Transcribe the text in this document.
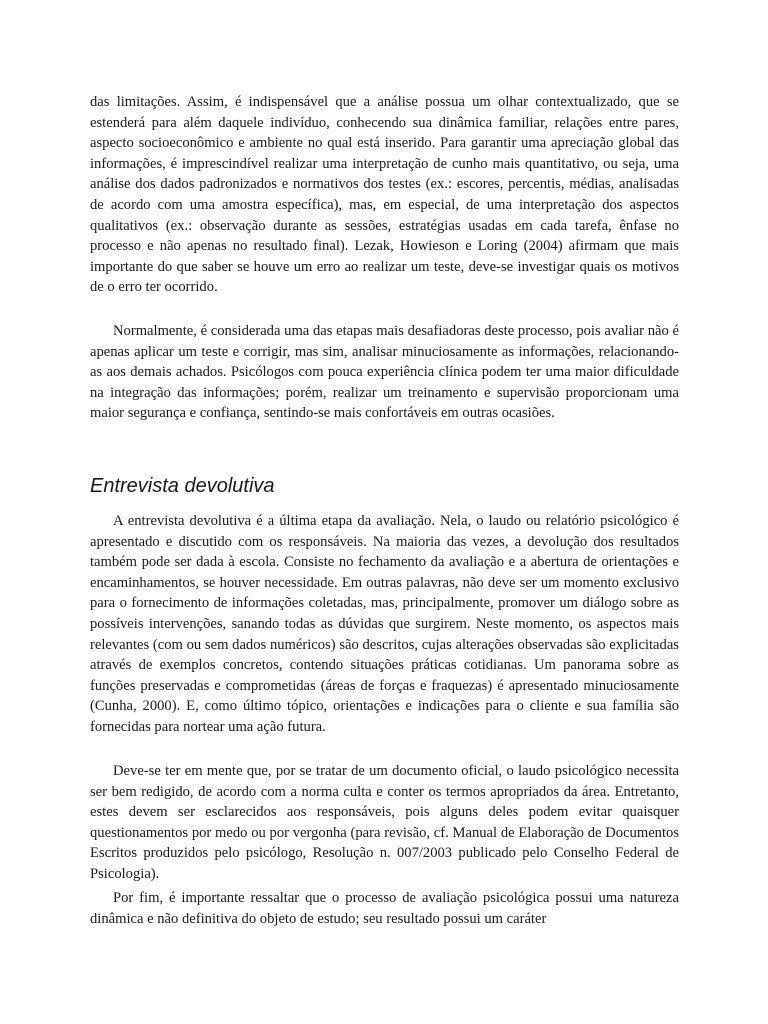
das limitações. Assim, é indispensável que a análise possua um olhar contextualizado, que se estenderá para além daquele indivíduo, conhecendo sua dinâmica familiar, relações entre pares, aspecto socioeconômico e ambiente no qual está inserido. Para garantir uma apreciação global das informações, é imprescindível realizar uma interpretação de cunho mais quantitativo, ou seja, uma análise dos dados padronizados e normativos dos testes (ex.: escores, percentis, médias, analisadas de acordo com uma amostra específica), mas, em especial, de uma interpretação dos aspectos qualitativos (ex.: observação durante as sessões, estratégias usadas em cada tarefa, ênfase no processo e não apenas no resultado final). Lezak, Howieson e Loring (2004) afirmam que mais importante do que saber se houve um erro ao realizar um teste, deve-se investigar quais os motivos de o erro ter ocorrido.

Normalmente, é considerada uma das etapas mais desafiadoras deste processo, pois avaliar não é apenas aplicar um teste e corrigir, mas sim, analisar minuciosamente as informações, relacionando-as aos demais achados. Psicólogos com pouca experiência clínica podem ter uma maior dificuldade na integração das informações; porém, realizar um treinamento e supervisão proporcionam uma maior segurança e confiança, sentindo-se mais confortáveis em outras ocasiões.

Entrevista devolutiva

A entrevista devolutiva é a última etapa da avaliação. Nela, o laudo ou relatório psicológico é apresentado e discutido com os responsáveis. Na maioria das vezes, a devolução dos resultados também pode ser dada à escola. Consiste no fechamento da avaliação e a abertura de orientações e encaminhamentos, se houver necessidade. Em outras palavras, não deve ser um momento exclusivo para o fornecimento de informações coletadas, mas, principalmente, promover um diálogo sobre as possíveis intervenções, sanando todas as dúvidas que surgirem. Neste momento, os aspectos mais relevantes (com ou sem dados numéricos) são descritos, cujas alterações observadas são explicitadas através de exemplos concretos, contendo situações práticas cotidianas. Um panorama sobre as funções preservadas e comprometidas (áreas de forças e fraquezas) é apresentado minuciosamente (Cunha, 2000). E, como último tópico, orientações e indicações para o cliente e sua família são fornecidas para nortear uma ação futura.

Deve-se ter em mente que, por se tratar de um documento oficial, o laudo psicológico necessita ser bem redigido, de acordo com a norma culta e conter os termos apropriados da área. Entretanto, estes devem ser esclarecidos aos responsáveis, pois alguns deles podem evitar quaisquer questionamentos por medo ou por vergonha (para revisão, cf. Manual de Elaboração de Documentos Escritos produzidos pelo psicólogo, Resolução n. 007/2003 publicado pelo Conselho Federal de Psicologia).

Por fim, é importante ressaltar que o processo de avaliação psicológica possui uma natureza dinâmica e não definitiva do objeto de estudo; seu resultado possui um caráter
